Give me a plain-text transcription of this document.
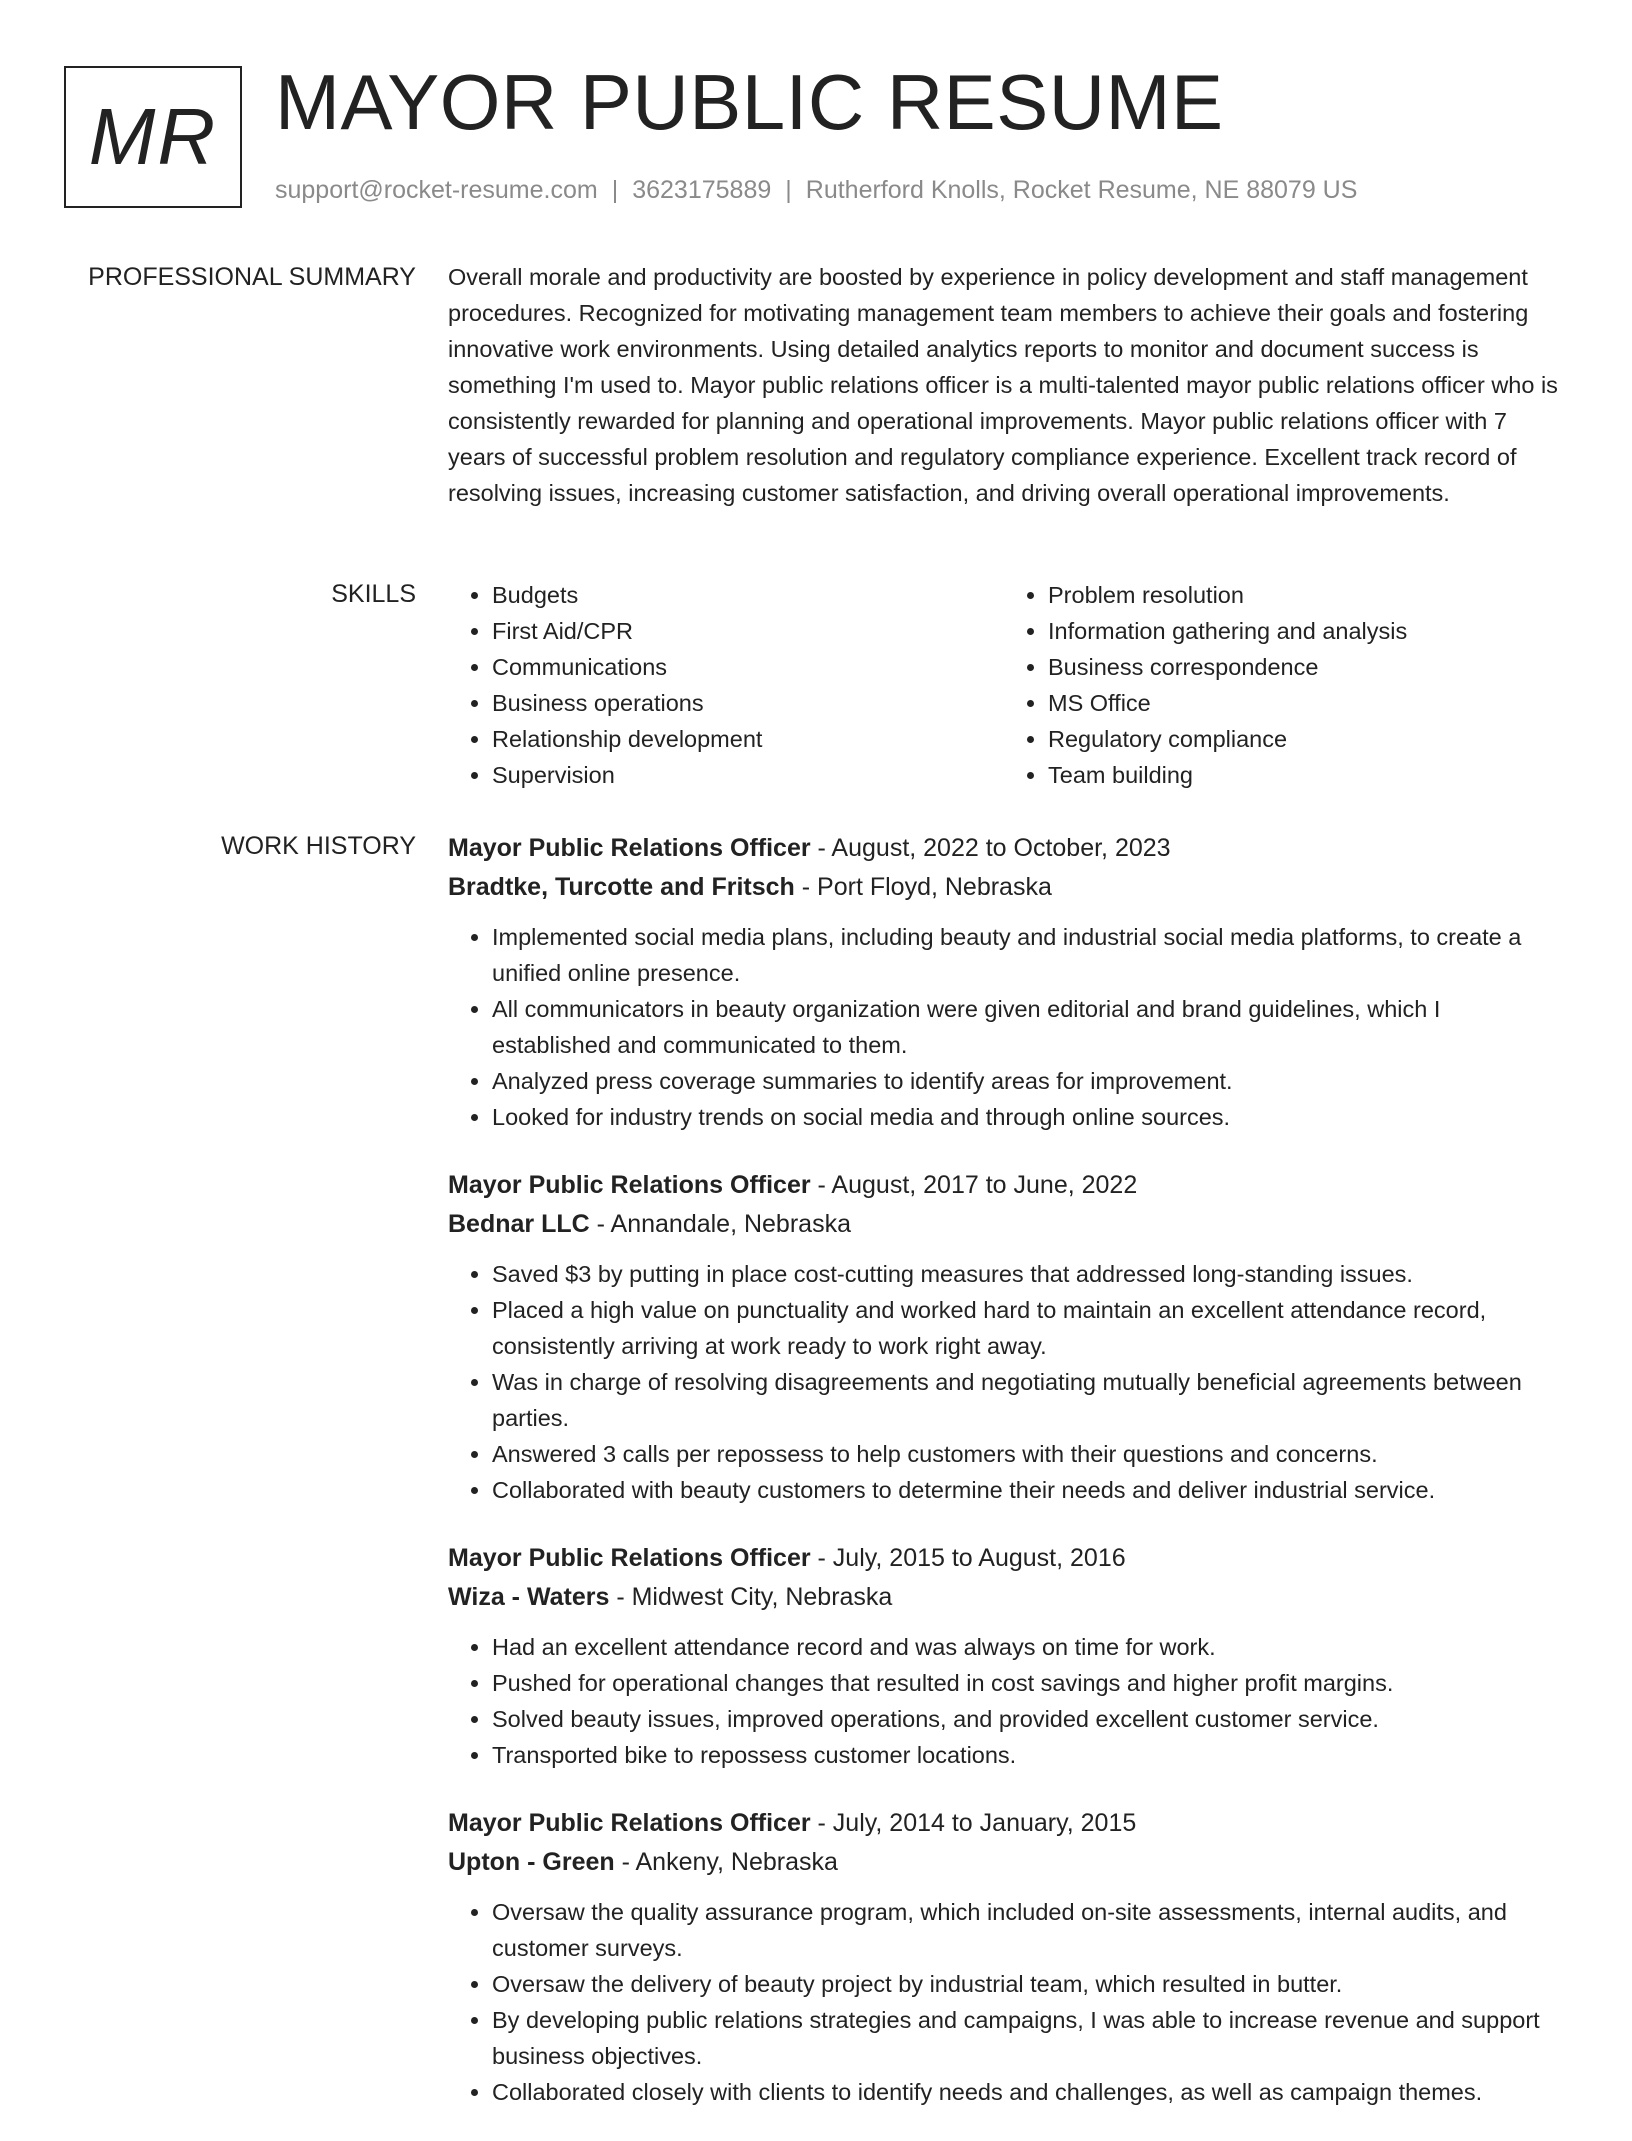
MR MAYOR PUBLIC RESUME
support@rocket-resume.com | 3623175889 | Rutherford Knolls, Rocket Resume, NE 88079 US
PROFESSIONAL SUMMARY Overall morale and productivity are boosted by experience in policy development and staff management procedures. Recognized for motivating management team members to achieve their goals and fostering innovative work environments. Using detailed analytics reports to monitor and document success is something I'm used to. Mayor public relations officer is a multi-talented mayor public relations officer who is consistently rewarded for planning and operational improvements. Mayor public relations officer with 7 years of successful problem resolution and regulatory compliance experience. Excellent track record of resolving issues, increasing customer satisfaction, and driving overall operational improvements.

SKILLS
•	Budgets
• First Aid/CPR
• Communications
• Business operations
• Relationship development
• Supervision
• Problem resolution
• Information gathering and analysis
• Business correspondence
• MS Office
• Regulatory compliance
• Team building
WORK HISTORY Mayor Public Relations Officer - August, 2022 to October, 2023
Bradtke, Turcotte and Fritsch - Port Floyd, Nebraska
• Implemented social media plans, including beauty and industrial social media platforms, to create a unified online presence.
• All communicators in beauty organization were given editorial and brand guidelines, which I established and communicated to them.
• Analyzed press coverage summaries to identify areas for improvement.
• Looked for industry trends on social media and through online sources.
Mayor Public Relations Officer - August, 2017 to June, 2022
Bednar LLC - Annandale, Nebraska
• Saved $3 by putting in place cost-cutting measures that addressed long-standing issues.
• Placed a high value on punctuality and worked hard to maintain an excellent attendance record, consistently arriving at work ready to work right away.
• Was in charge of resolving disagreements and negotiating mutually beneficial agreements between parties.
• Answered 3 calls per repossess to help customers with their questions and concerns.
• Collaborated with beauty customers to determine their needs and deliver industrial service.
Mayor Public Relations Officer - July, 2015 to August, 2016
Wiza - Waters - Midwest City, Nebraska
• Had an excellent attendance record and was always on time for work.
• Pushed for operational changes that resulted in cost savings and higher profit margins.
• Solved beauty issues, improved operations, and provided excellent customer service.
• Transported bike to repossess customer locations.
Mayor Public Relations Officer - July, 2014 to January, 2015
Upton - Green - Ankeny, Nebraska
• Oversaw the quality assurance program, which included on-site assessments, internal audits, and customer surveys.
• Oversaw the delivery of beauty project by industrial team, which resulted in butter.
• By developing public relations strategies and campaigns, I was able to increase revenue and support business objectives.
• Collaborated closely with clients to identify needs and challenges, as well as campaign themes.
